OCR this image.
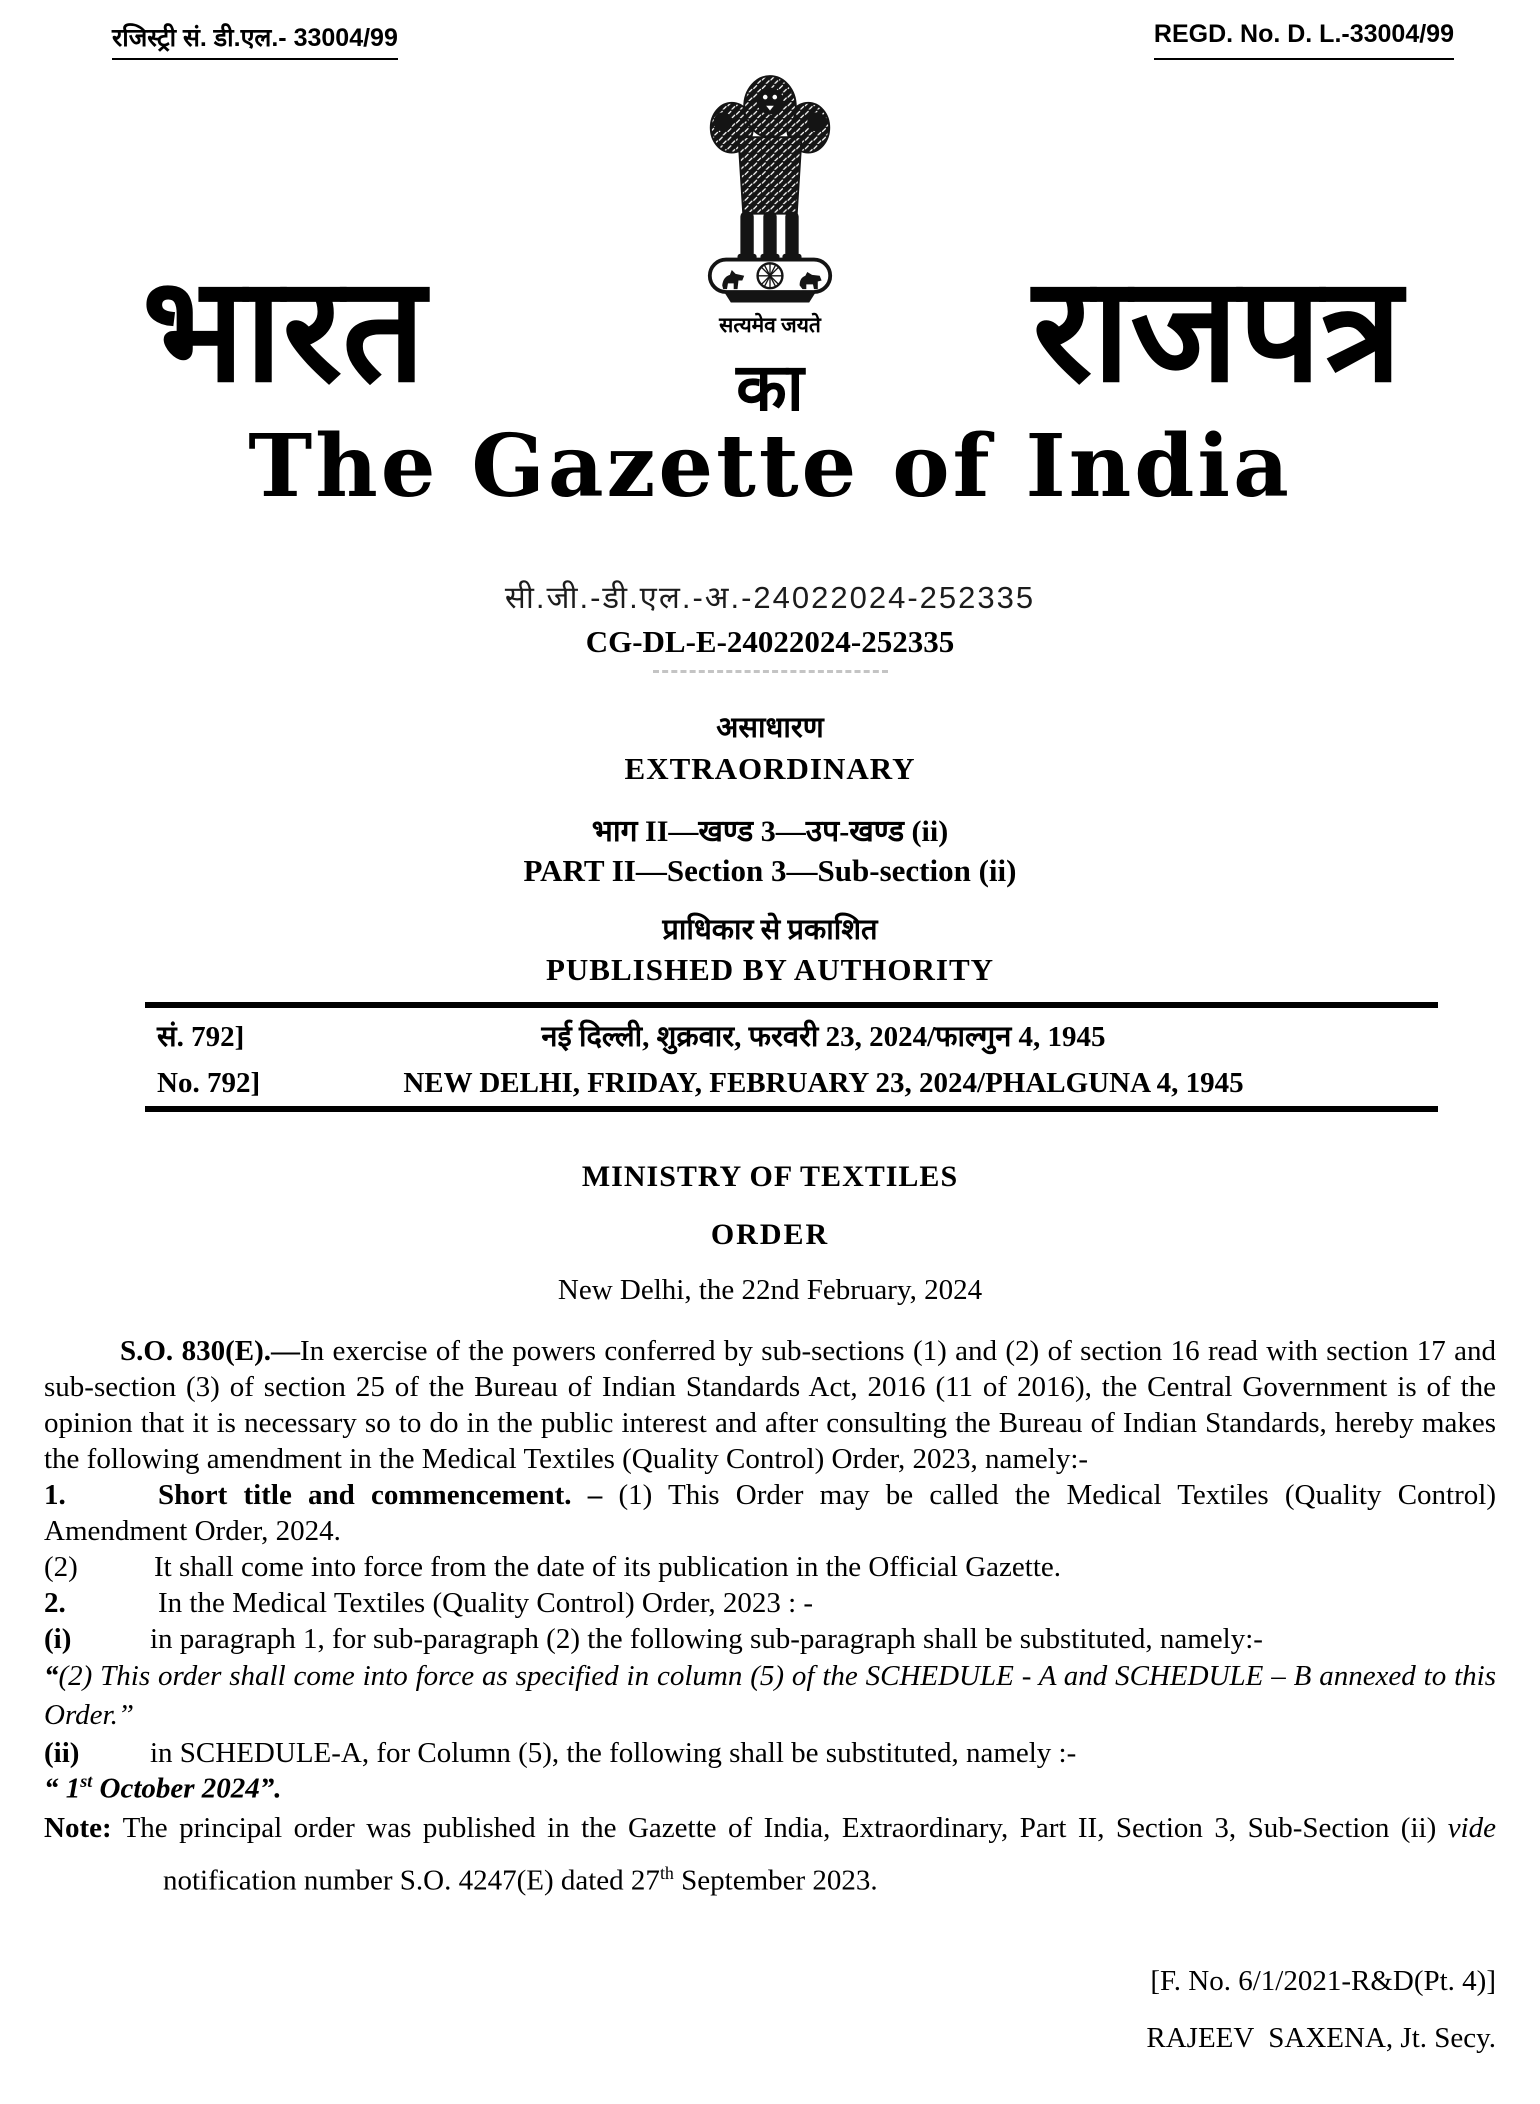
रजिस्ट्री सं. डी.एल.- 33004/99	REGD. No. D. L.-33004/99
भारत	सत्यमेव जयते
का राजपत्र
The Gazette of India
सी.जी.-डी.एल.-अ.-24022024-252335
CG-DL-E-24022024-252335
असाधारण
EXTRAORDINARY
भाग II—खण्ड 3—उप-खण्ड (ii)
PART II—Section 3—Sub-section (ii)
प्राधिकार से प्रकाशित
PUBLISHED BY AUTHORITY
सं. 792]	नई दिल्ली, शुक्रवार, फरवरी 23, 2024/फाल्गुन 4, 1945
No. 792]	NEW DELHI, FRIDAY, FEBRUARY 23, 2024/PHALGUNA 4, 1945
MINISTRY OF TEXTILES
ORDER
New Delhi, the 22nd February, 2024

S.O. 830(E).—In exercise of the powers conferred by sub-sections (1) and (2) of section 16 read with section 17 and sub-section (3) of section 25 of the Bureau of Indian Standards Act, 2016 (11 of 2016), the Central Government is of the opinion that it is necessary so to do in the public interest and after consulting the Bureau of Indian Standards, hereby makes the following amendment in the Medical Textiles (Quality Control) Order, 2023, namely:-

1.	Short title and commencement. – (1) This Order may be called the Medical Textiles (Quality Control) Amendment Order, 2024.

(2)	It shall come into force from the date of its publication in the Official Gazette.

2.	In the Medical Textiles (Quality Control) Order, 2023 : -

(i)	in paragraph 1, for sub-paragraph (2) the following sub-paragraph shall be substituted, namely:-

“(2) This order shall come into force as specified in column (5) of the SCHEDULE - A and SCHEDULE – B annexed to this Order.”

(ii) in SCHEDULE-A, for Column (5), the following shall be substituted, namely :-

“ 1st October 2024”.

Note: The principal order was published in the Gazette of India, Extraordinary, Part II, Section 3, Sub-Section (ii) vide notification number S.O. 4247(E) dated 27th September 2023.

[F. No. 6/1/2021-R&D(Pt. 4)]
RAJEEV  SAXENA, Jt. Secy.
